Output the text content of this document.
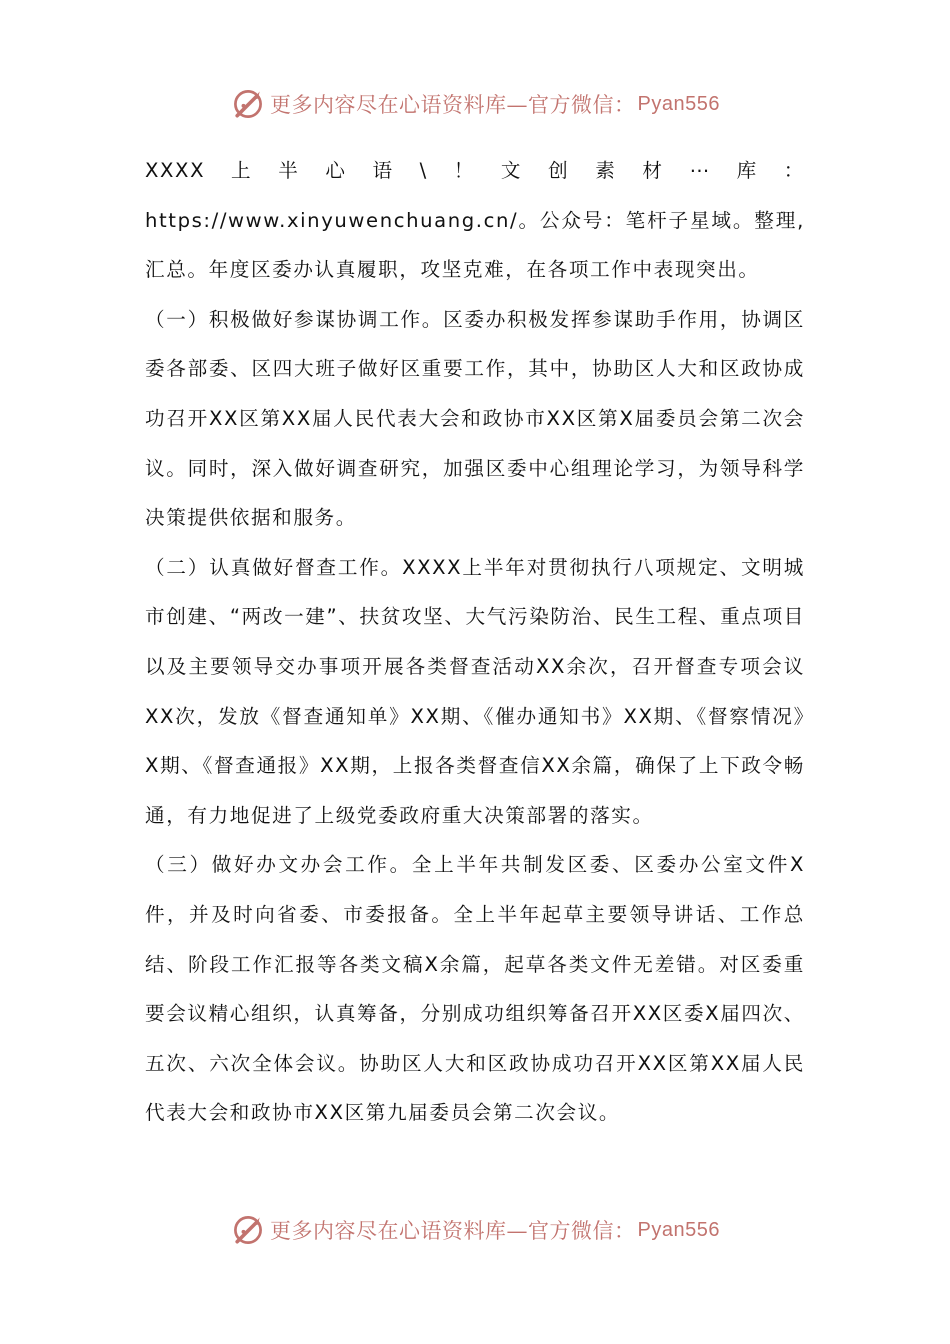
更多内容尽在心语资料库—官方微信： Pyan556

XXXX上半心语\！文创素材⋯库：https://www.xinyuwenchuang.cn/。公众号：笔杆子星域。整理,汇总。年度区委办认真履职，攻坚克难，在各项工作中表现突出。

（一）积极做好参谋协调工作。区委办积极发挥参谋助手作用，协调区委各部委、区四大班子做好区重要工作，其中，协助区人大和区政协成功召开XX区第XX届人民代表大会和政协市XX区第X届委员会第二次会议。同时，深入做好调查研究，加强区委中心组理论学习，为领导科学决策提供依据和服务。

（二）认真做好督查工作。XXXX上半年对贯彻执行八项规定、文明城市创建、“两改一建”、扶贫攻坚、大气污染防治、民生工程、重点项目以及主要领导交办事项开展各类督查活动XX余次，召开督查专项会议XX次，发放《督查通知单》XX期、《催办通知书》XX期、《督察情况》X期、《督查通报》XX期，上报各类督查信XX余篇，确保了上下政令畅通，有力地促进了上级党委政府重大决策部署的落实。

（三）做好办文办会工作。全上半年共制发区委、区委办公室文件X件，并及时向省委、市委报备。全上半年起草主要领导讲话、工作总结、阶段工作汇报等各类文稿X余篇，起草各类文件无差错。对区委重要会议精心组织，认真筹备，分别成功组织筹备召开XX区委X届四次、五次、六次全体会议。协助区人大和区政协成功召开XX区第XX届人民代表大会和政协市XX区第九届委员会第二次会议。

更多内容尽在心语资料库—官方微信： Pyan556
